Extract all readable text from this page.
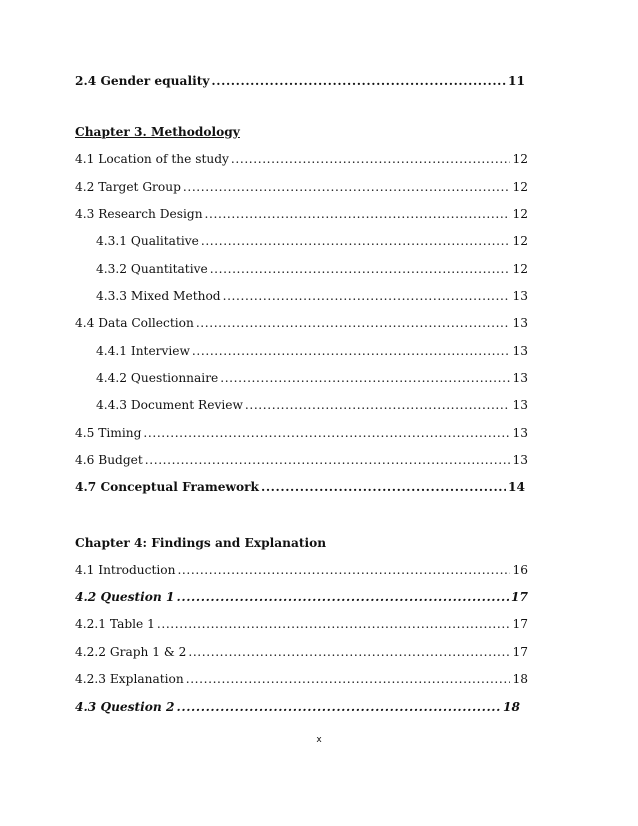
2.4 Gender equality .....	11
Chapter 3. Methodology
4.1 Location of the study .....	12
4.2 Target Group .....	12
4.3 Research Design .....	12
4.3.1 Qualitative .....	12
4.3.2 Quantitative .....	12
4.3.3 Mixed Method .....	13
4.4 Data Collection .....	13
4.4.1 Interview .....	13
4.4.2 Questionnaire .....	13
4.4.3 Document Review .....	13
4.5 Timing .....	13
4.6 Budget .....	13
4.7 Conceptual Framework .....	14
Chapter 4: Findings and Explanation
4.1 Introduction .....	16
4.2 Question 1 .....	17
4.2.1 Table 1 .....	17
4.2.2 Graph 1 & 2 .....	17
4.2.3 Explanation .....	18
4.3 Question 2 .....	18
x
